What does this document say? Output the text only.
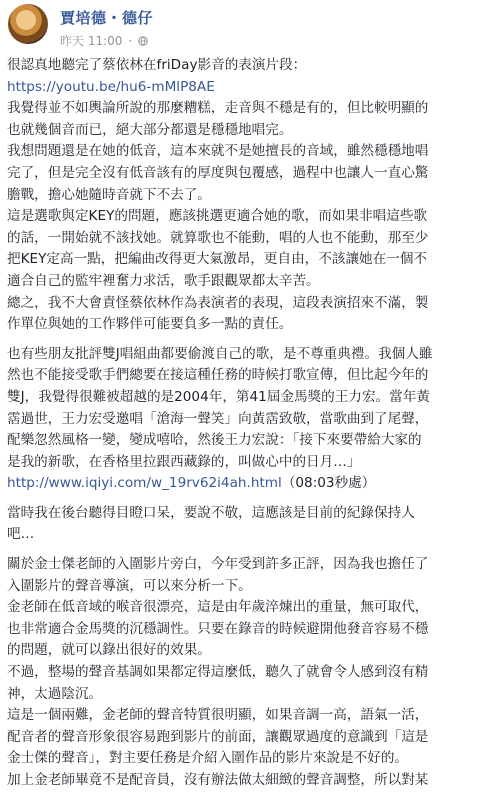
賈培德・德仔
昨天 11:00 ·
很認真地聽完了蔡依林在friDay影音的表演片段：
https://youtu.be/hu6-mMlP8AE
我覺得並不如輿論所說的那麼糟糕，走音與不穩是有的，但比較明顯的
也就幾個音而已，絕大部分都還是穩穩地唱完。
我想問題還是在她的低音，這本來就不是她擅長的音域，雖然穩穩地唱
完了，但是完全沒有低音該有的厚度與包覆感，過程中也讓人一直心驚
膽戰，擔心她隨時音就下不去了。
這是選歌與定KEY的問題，應該挑選更適合她的歌，而如果非唱這些歌
的話，一開始就不該找她。就算歌也不能動，唱的人也不能動，那至少
把KEY定高一點，把編曲改得更大氣激昂，更自由，不該讓她在一個不
適合自己的監牢裡奮力求活，歌手跟觀眾都太辛苦。
總之，我不大會責怪蔡依林作為表演者的表現，這段表演招來不滿，製
作單位與她的工作夥伴可能要負多一點的責任。
也有些朋友批評雙J唱組曲都要偷渡自己的歌，是不尊重典禮。我個人雖
然也不能接受歌手們總要在接這種任務的時候打歌宣傳，但比起今年的
雙J，我覺得很難被超越的是2004年，第41屆金馬獎的王力宏。當年黃
霑過世，王力宏受邀唱「滄海一聲笑」向黃霑致敬，當歌曲到了尾聲，
配樂忽然風格一變，變成嘻哈，然後王力宏說：「接下來要帶給大家的
是我的新歌，在香格里拉跟西藏錄的，叫做心中的日月…」
http://www.iqiyi.com/w_19rv62i4ah.html（08:03秒處）
當時我在後台聽得目瞪口呆，要說不敬，這應該是目前的紀錄保持人
吧…
關於金士傑老師的入圍影片旁白，今年受到許多正評，因為我也擔任了
入圍影片的聲音導演，可以來分析一下。
金老師在低音域的喉音很漂亮，這是由年歲淬煉出的重量，無可取代，
也非常適合金馬獎的沉穩調性。只要在錄音的時候避開他發音容易不穩
的問題，就可以錄出很好的效果。
不過，整場的聲音基調如果都定得這麼低，聽久了就會令人感到沒有精
神，太過陰沉。
這是一個兩難，金老師的聲音特質很明顯，如果音調一高，語氣一活，
配音者的聲音形象很容易跑到影片的前面，讓觀眾過度的意識到「這是
金士傑的聲音」，對主要任務是介紹入圍作品的影片來說是不好的。
加上金老師畢竟不是配音員，沒有辦法做太細緻的聲音調整，所以對某
